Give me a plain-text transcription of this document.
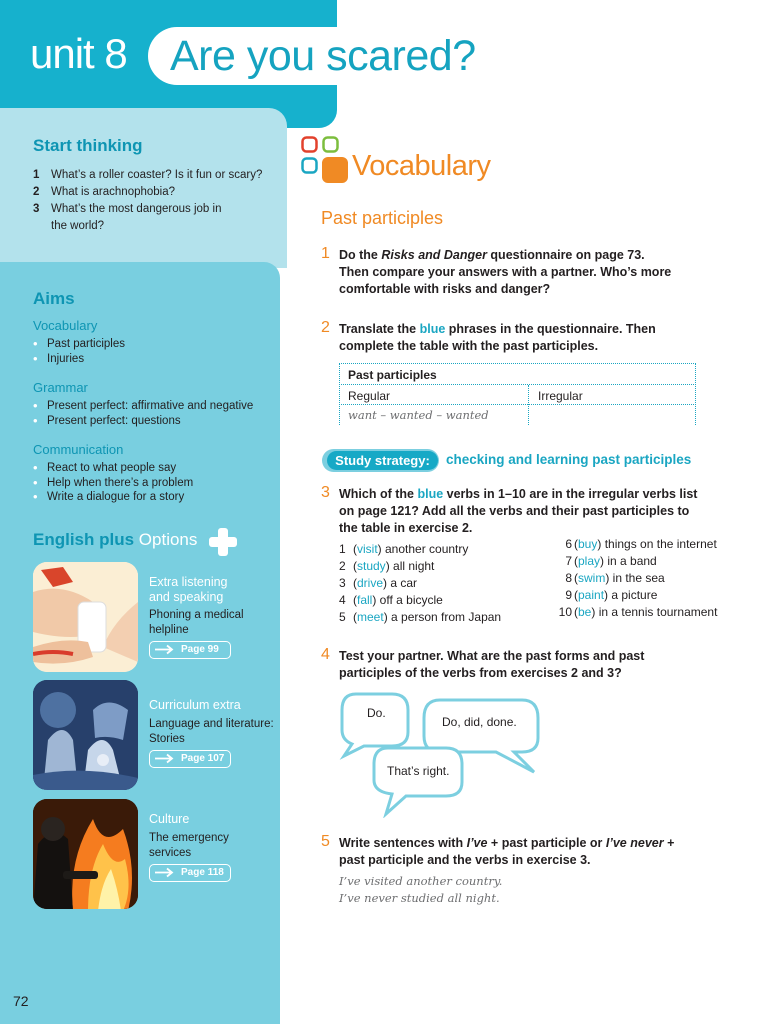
unit 8 Are you scared?
Start thinking
1 What’s a roller coaster? Is it fun or scary?
2 What is arachnophobia?
3 What’s the most dangerous job in
the world?
Aims
Vocabulary
• Past participles
• Injuries
Grammar
• Present perfect: affirmative and negative
• Present perfect: questions
Communication
• React to what people say
• Help when there’s a problem
• Write a dialogue for a story
English plus Options
Extra listening
and speaking
Phoning a medical
helpline
Page 99
Curriculum extra
Language and literature:
Stories
Page 107
Culture
The emergency
services
Page 118
72
Vocabulary
Past participles
1 Do the Risks and Danger questionnaire on page 73.
Then compare your answers with a partner. Who’s more
comfortable with risks and danger?
2 Translate the blue phrases in the questionnaire. Then
complete the table with the past participles.
Past participles
Regular	Irregular
want – wanted – wanted
Study strategy:	checking and learning past participles
3 Which of the blue verbs in 1–10 are in the irregular verbs list
on page 121? Add all the verbs and their past participles to
the table in exercise 2.
1 (visit) another country
2 (study) all night
3 (drive) a car
4 (fall) off a bicycle
5 (meet) a person from Japan
6 (buy) things on the internet
7 (play) in a band
8 (swim) in the sea
9 (paint) a picture
10 (be) in a tennis tournament
4 Test your partner. What are the past forms and past
participles of the verbs from exercises 2 and 3?
Do.
Do, did, done.
That’s right.
5 Write sentences with I’ve + past participle or I’ve never +
past participle and the verbs in exercise 3.
I’ve visited another country.
I’ve never studied all night.
